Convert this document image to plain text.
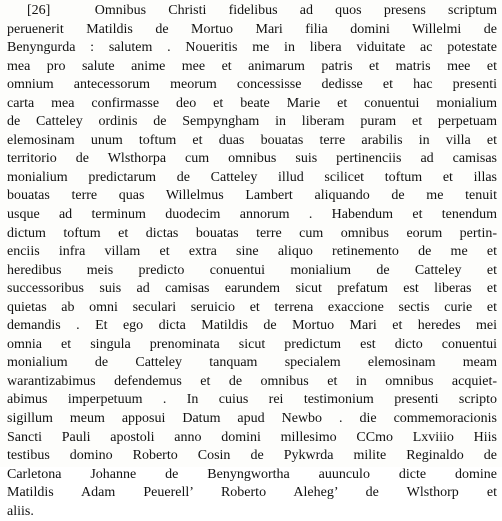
[26]	Omnibus Christi fidelibus ad quos presens scriptum
peruenerit Matildis de Mortuo Mari filia domini Willelmi de
Benyngurda : salutem . Noueritis me in libera viduitate ac potestate
mea pro salute anime mee et animarum patris et matris mee et
omnium antecessorum meorum concessisse dedisse et hac presenti
carta mea confirmasse deo et beate Marie et conuentui monialium
de Catteley ordinis de Sempyngham in liberam puram et perpetuam
elemosinam unum toftum et duas bouatas terre arabilis in villa et
territorio de Wlsthorpa cum omnibus suis pertinenciis ad camisas
monialium predictarum de Catteley illud scilicet toftum et illas
bouatas terre quas Willelmus Lambert aliquando de me tenuit
usque ad terminum duodecim annorum . Habendum et tenendum
dictum toftum et dictas bouatas terre cum omnibus eorum pertin-
enciis infra villam et extra sine aliquo retinemento de me et
heredibus meis predicto conuentui monialium de Catteley et
successoribus suis ad camisas earundem sicut prefatum est liberas et
quietas ab omni seculari seruicio et terrena exaccione sectis curie et
demandis . Et ego dicta Matildis de Mortuo Mari et heredes mei
omnia et singula prenominata sicut predictum est dicto conuentui
monialium de Catteley tanquam specialem elemosinam meam
warantizabimus defendemus et de omnibus et in omnibus acquiet-
abimus imperpetuum . In cuius rei testimonium presenti scripto
sigillum meum apposui Datum apud Newbo . die commemoracionis
Sancti Pauli apostoli anno domini millesimo CCmo Lxviiio Hiis
testibus domino Roberto Cosin de Pykwrda milite Reginaldo de
Carletona Johanne de Benyngwortha auunculo dicte domine
Matildis Adam Peuerell’ Roberto Aleheg’ de Wlsthorp et
aliis.
